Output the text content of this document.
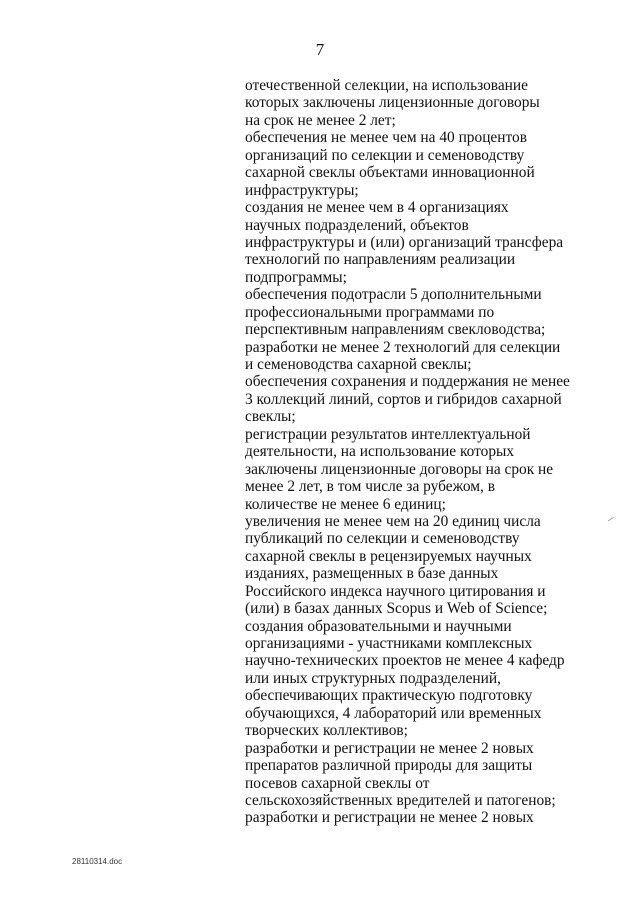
7
отечественной селекции, на использование
которых заключены лицензионные договоры
на срок не менее 2 лет;
обеспечения не менее чем на 40 процентов
организаций по селекции и семеноводству
сахарной свеклы объектами инновационной
инфраструктуры;
создания не менее чем в 4 организациях
научных подразделений, объектов
инфраструктуры и (или) организаций трансфера
технологий по направлениям реализации
подпрограммы;
обеспечения подотрасли 5 дополнительными
профессиональными программами по
перспективным направлениям свекловодства;
разработки не менее 2 технологий для селекции
и семеноводства сахарной свеклы;
обеспечения сохранения и поддержания не менее
3 коллекций линий, сортов и гибридов сахарной
свеклы;
регистрации результатов интеллектуальной
деятельности, на использование которых
заключены лицензионные договоры на срок не
менее 2 лет, в том числе за рубежом, в
количестве не менее 6 единиц;
увеличения не менее чем на 20 единиц числа
публикаций по селекции и семеноводству
сахарной свеклы в рецензируемых научных
изданиях, размещенных в базе данных
Российского индекса научного цитирования и
(или) в базах данных Scopus и Web of Science;
создания образовательными и научными
организациями - участниками комплексных
научно-технических проектов не менее 4 кафедр
или иных структурных подразделений,
обеспечивающих практическую подготовку
обучающихся, 4 лабораторий или временных
творческих коллективов;
разработки и регистрации не менее 2 новых
препаратов различной природы для защиты
посевов сахарной свеклы от
сельскохозяйственных вредителей и патогенов;
разработки и регистрации не менее 2 новых
28110314.doc
